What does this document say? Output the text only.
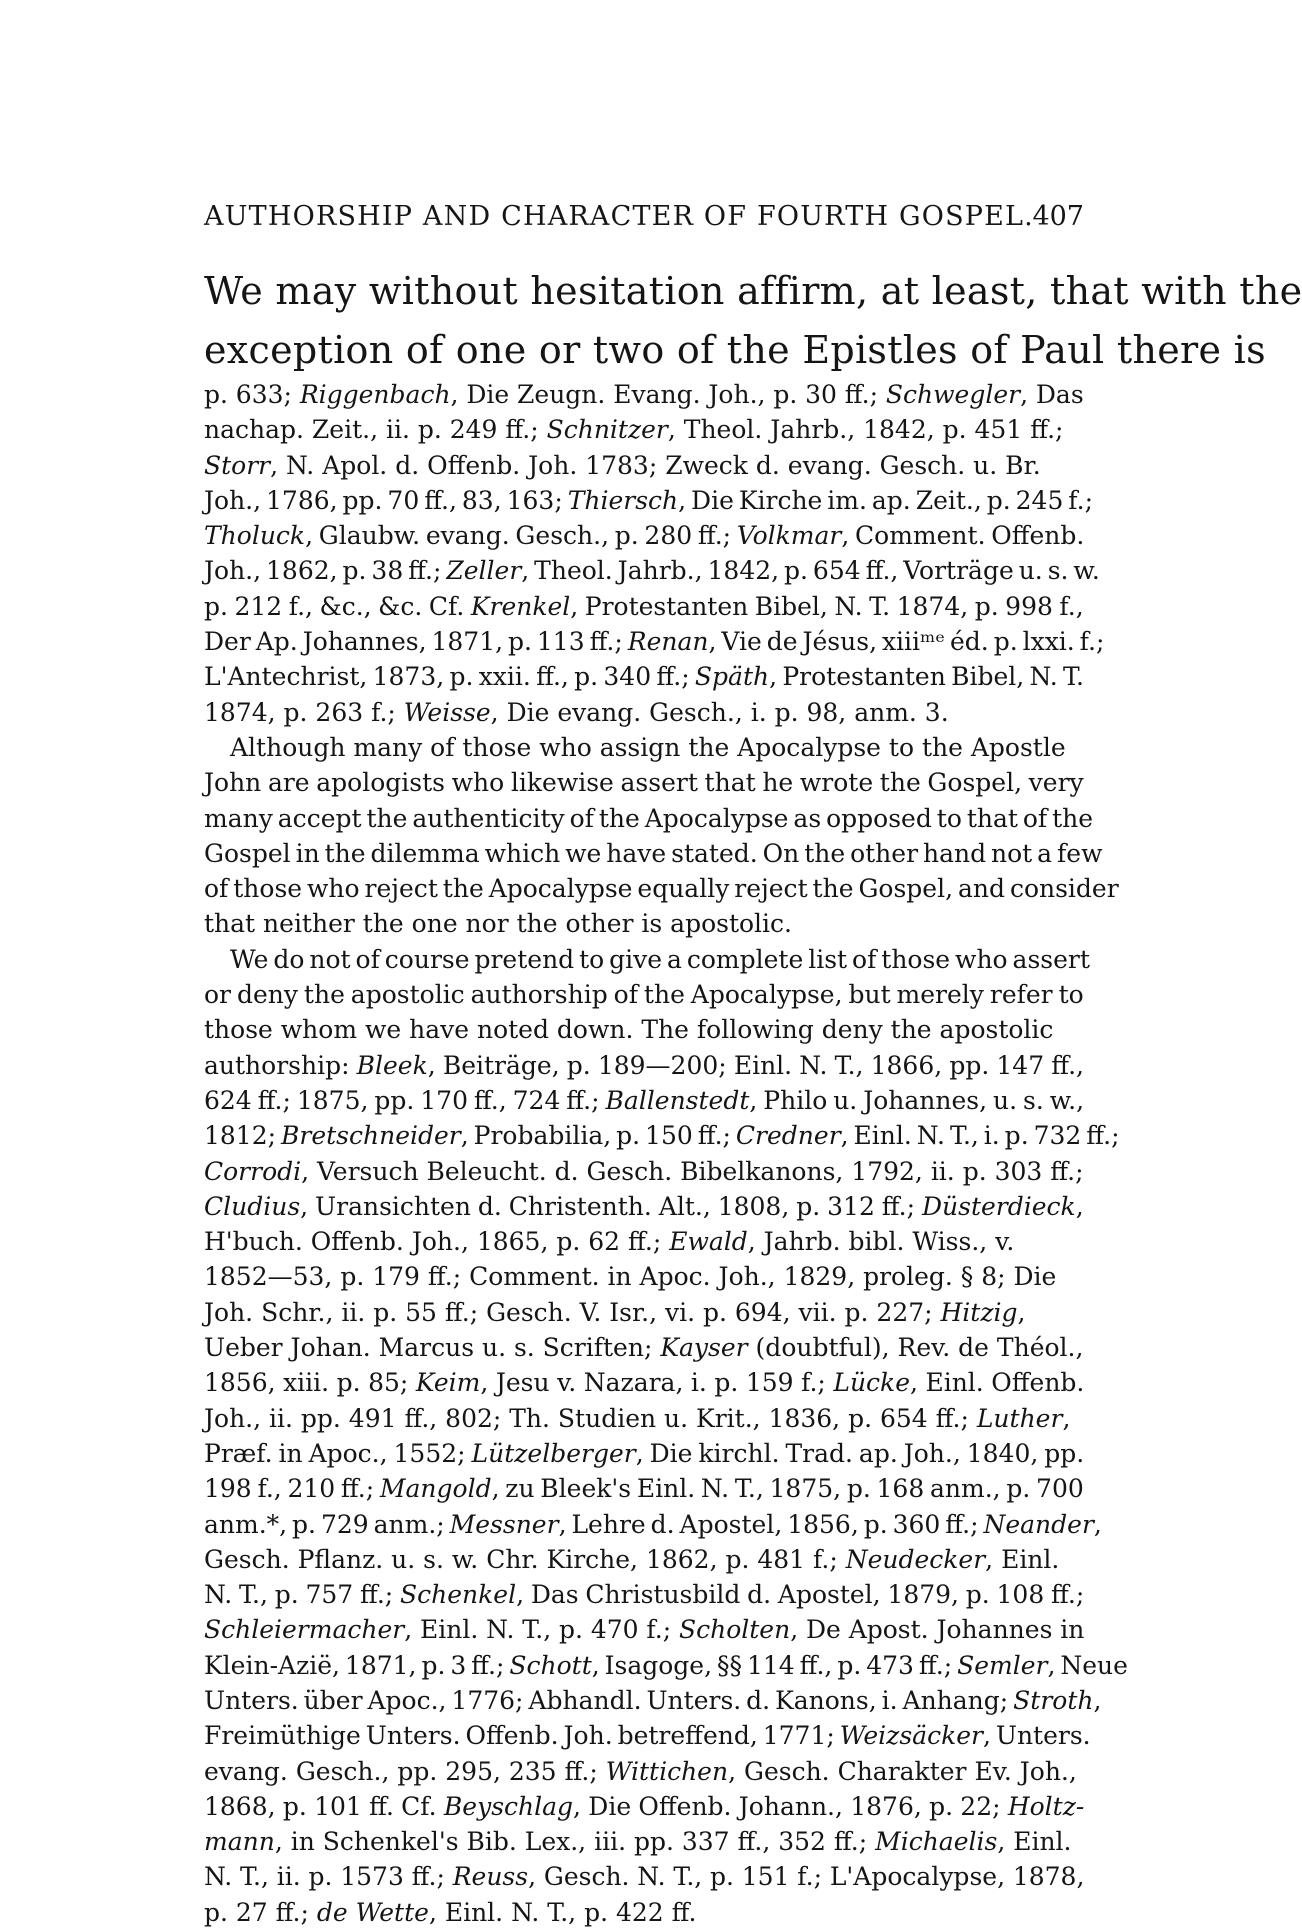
AUTHORSHIP AND CHARACTER OF FOURTH GOSPEL.
407
We may without hesitation affirm, at least, that with the
exception of one or two of the Epistles of Paul there is
p. 633; Riggenbach, Die Zeugn. Evang. Joh., p. 30 ff.; Schwegler, Das
nachap. Zeit., ii. p. 249 ff.; Schnitzer, Theol. Jahrb., 1842, p. 451 ff.;
Storr, N. Apol. d. Offenb. Joh. 1783; Zweck d. evang. Gesch. u. Br.
Joh., 1786, pp. 70 ff., 83, 163; Thiersch, Die Kirche im. ap. Zeit., p. 245 f.;
Tholuck, Glaubw. evang. Gesch., p. 280 ff.; Volkmar, Comment. Offenb.
Joh., 1862, p. 38 ff.; Zeller, Theol. Jahrb., 1842, p. 654 ff., Vorträge u. s. w.
p. 212 f., &c., &c. Cf. Krenkel, Protestanten Bibel, N. T. 1874, p. 998 f.,
Der Ap. Johannes, 1871, p. 113 ff.; Renan, Vie de Jésus, xiiiᵐᵉ éd. p. lxxi. f.;
L'Antechrist, 1873, p. xxii. ff., p. 340 ff.; Späth, Protestanten Bibel, N. T.
1874, p. 263 f.; Weisse, Die evang. Gesch., i. p. 98, anm. 3.
Although many of those who assign the Apocalypse to the Apostle
John are apologists who likewise assert that he wrote the Gospel, very
many accept the authenticity of the Apocalypse as opposed to that of the
Gospel in the dilemma which we have stated. On the other hand not a few
of those who reject the Apocalypse equally reject the Gospel, and consider
that neither the one nor the other is apostolic.
We do not of course pretend to give a complete list of those who assert
or deny the apostolic authorship of the Apocalypse, but merely refer to
those whom we have noted down. The following deny the apostolic
authorship: Bleek, Beiträge, p. 189—200; Einl. N. T., 1866, pp. 147 ff.,
624 ff.; 1875, pp. 170 ff., 724 ff.; Ballenstedt, Philo u. Johannes, u. s. w.,
1812; Bretschneider, Probabilia, p. 150 ff.; Credner, Einl. N. T., i. p. 732 ff.;
Corrodi, Versuch Beleucht. d. Gesch. Bibelkanons, 1792, ii. p. 303 ff.;
Cludius, Uransichten d. Christenth. Alt., 1808, p. 312 ff.; Düsterdieck,
H'buch. Offenb. Joh., 1865, p. 62 ff.; Ewald, Jahrb. bibl. Wiss., v.
1852—53, p. 179 ff.; Comment. in Apoc. Joh., 1829, proleg. § 8; Die
Joh. Schr., ii. p. 55 ff.; Gesch. V. Isr., vi. p. 694, vii. p. 227; Hitzig,
Ueber Johan. Marcus u. s. Scriften; Kayser (doubtful), Rev. de Théol.,
1856, xiii. p. 85; Keim, Jesu v. Nazara, i. p. 159 f.; Lücke, Einl. Offenb.
Joh., ii. pp. 491 ff., 802; Th. Studien u. Krit., 1836, p. 654 ff.; Luther,
Præf. in Apoc., 1552; Lützelberger, Die kirchl. Trad. ap. Joh., 1840, pp.
198 f., 210 ff.; Mangold, zu Bleek's Einl. N. T., 1875, p. 168 anm., p. 700
anm.*, p. 729 anm.; Messner, Lehre d. Apostel, 1856, p. 360 ff.; Neander,
Gesch. Pflanz. u. s. w. Chr. Kirche, 1862, p. 481 f.; Neudecker, Einl.
N. T., p. 757 ff.; Schenkel, Das Christusbild d. Apostel, 1879, p. 108 ff.;
Schleiermacher, Einl. N. T., p. 470 f.; Scholten, De Apost. Johannes in
Klein-Azië, 1871, p. 3 ff.; Schott, Isagoge, §§ 114 ff., p. 473 ff.; Semler, Neue
Unters. über Apoc., 1776; Abhandl. Unters. d. Kanons, i. Anhang; Stroth,
Freimüthige Unters. Offenb. Joh. betreffend, 1771; Weizsäcker, Unters.
evang. Gesch., pp. 295, 235 ff.; Wittichen, Gesch. Charakter Ev. Joh.,
1868, p. 101 ff. Cf. Beyschlag, Die Offenb. Johann., 1876, p. 22; Holtz-
mann, in Schenkel's Bib. Lex., iii. pp. 337 ff., 352 ff.; Michaelis, Einl.
N. T., ii. p. 1573 ff.; Reuss, Gesch. N. T., p. 151 f.; L'Apocalypse, 1878,
p. 27 ff.; de Wette, Einl. N. T., p. 422 ff.
